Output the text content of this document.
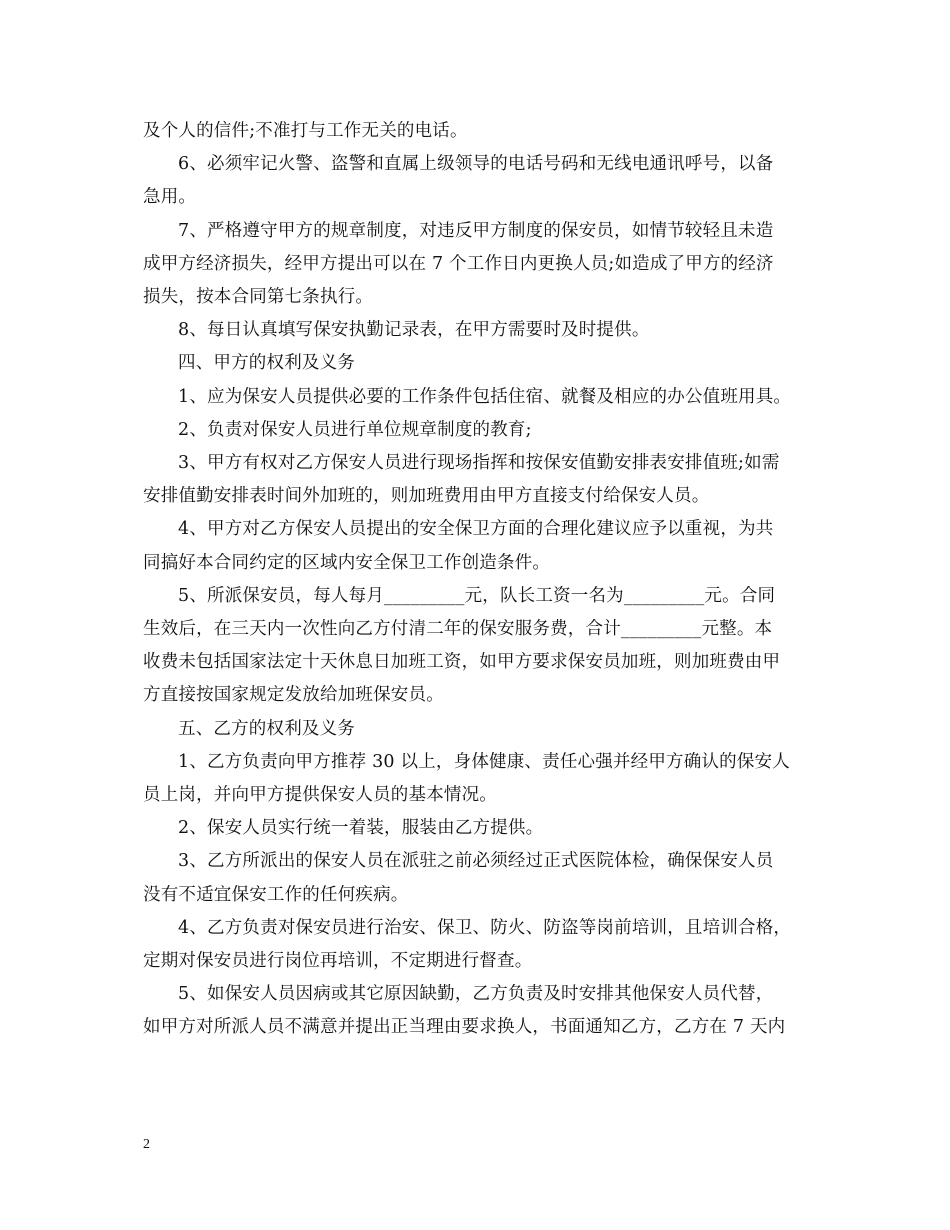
及个人的信件;不准打与工作无关的电话。
6、必须牢记火警、盗警和直属上级领导的电话号码和无线电通讯呼号，以备
急用。
7、严格遵守甲方的规章制度，对违反甲方制度的保安员，如情节较轻且未造
成甲方经济损失，经甲方提出可以在 7 个工作日内更换人员;如造成了甲方的经济
损失，按本合同第七条执行。
8、每日认真填写保安执勤记录表，在甲方需要时及时提供。
四、甲方的权利及义务
1、应为保安人员提供必要的工作条件包括住宿、就餐及相应的办公值班用具。
2、负责对保安人员进行单位规章制度的教育;
3、甲方有权对乙方保安人员进行现场指挥和按保安值勤安排表安排值班;如需
安排值勤安排表时间外加班的，则加班费用由甲方直接支付给保安人员。
4、甲方对乙方保安人员提出的安全保卫方面的合理化建议应予以重视，为共
同搞好本合同约定的区域内安全保卫工作创造条件。
5、所派保安员，每人每月_________元，队长工资一名为_________元。合同
生效后，在三天内一次性向乙方付清二年的保安服务费，合计_________元整。本
收费未包括国家法定十天休息日加班工资，如甲方要求保安员加班，则加班费由甲
方直接按国家规定发放给加班保安员。
五、乙方的权利及义务
1、乙方负责向甲方推荐 30 以上，身体健康、责任心强并经甲方确认的保安人
员上岗，并向甲方提供保安人员的基本情况。
2、保安人员实行统一着装，服装由乙方提供。
3、乙方所派出的保安人员在派驻之前必须经过正式医院体检，确保保安人员
没有不适宜保安工作的任何疾病。
4、乙方负责对保安员进行治安、保卫、防火、防盗等岗前培训，且培训合格，
定期对保安员进行岗位再培训，不定期进行督查。
5、如保安人员因病或其它原因缺勤，乙方负责及时安排其他保安人员代替，
如甲方对所派人员不满意并提出正当理由要求换人，书面通知乙方，乙方在 7 天内
2
